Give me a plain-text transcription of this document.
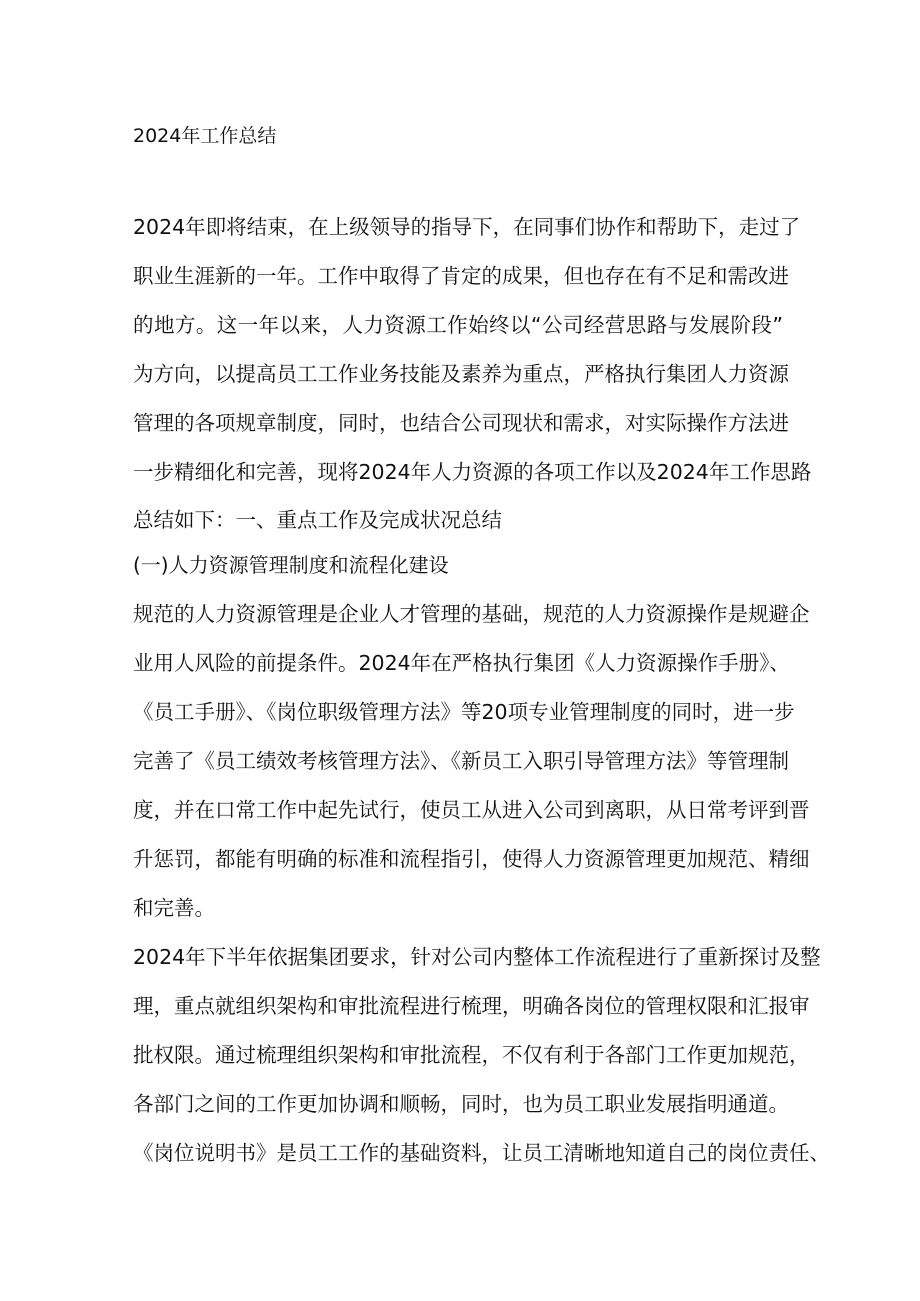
2024年工作总结
2024年即将结束，在上级领导的指导下，在同事们协作和帮助下，走过了
职业生涯新的一年。工作中取得了肯定的成果，但也存在有不足和需改进
的地方。这一年以来，人力资源工作始终以“公司经营思路与发展阶段”
为方向，以提高员工工作业务技能及素养为重点，严格执行集团人力资源
管理的各项规章制度，同时，也结合公司现状和需求，对实际操作方法进
一步精细化和完善，现将2024年人力资源的各项工作以及2024年工作思路
总结如下：一、重点工作及完成状况总结
(一)人力资源管理制度和流程化建设
规范的人力资源管理是企业人才管理的基础，规范的人力资源操作是规避企
业用人风险的前提条件。2024年在严格执行集团《人力资源操作手册》、
《员工手册》、《岗位职级管理方法》等20项专业管理制度的同时，进一步
完善了《员工绩效考核管理方法》、《新员工入职引导管理方法》等管理制
度，并在口常工作中起先试行，使员工从进入公司到离职，从日常考评到晋
升惩罚，都能有明确的标准和流程指引，使得人力资源管理更加规范、精细
和完善。
2024年下半年依据集团要求，针对公司内整体工作流程进行了重新探讨及整
理，重点就组织架构和审批流程进行梳理，明确各岗位的管理权限和汇报审
批权限。通过梳理组织架构和审批流程，不仅有利于各部门工作更加规范，
各部门之间的工作更加协调和顺畅，同时，也为员工职业发展指明通道。
《岗位说明书》是员工工作的基础资料，让员工清晰地知道自己的岗位责任、
